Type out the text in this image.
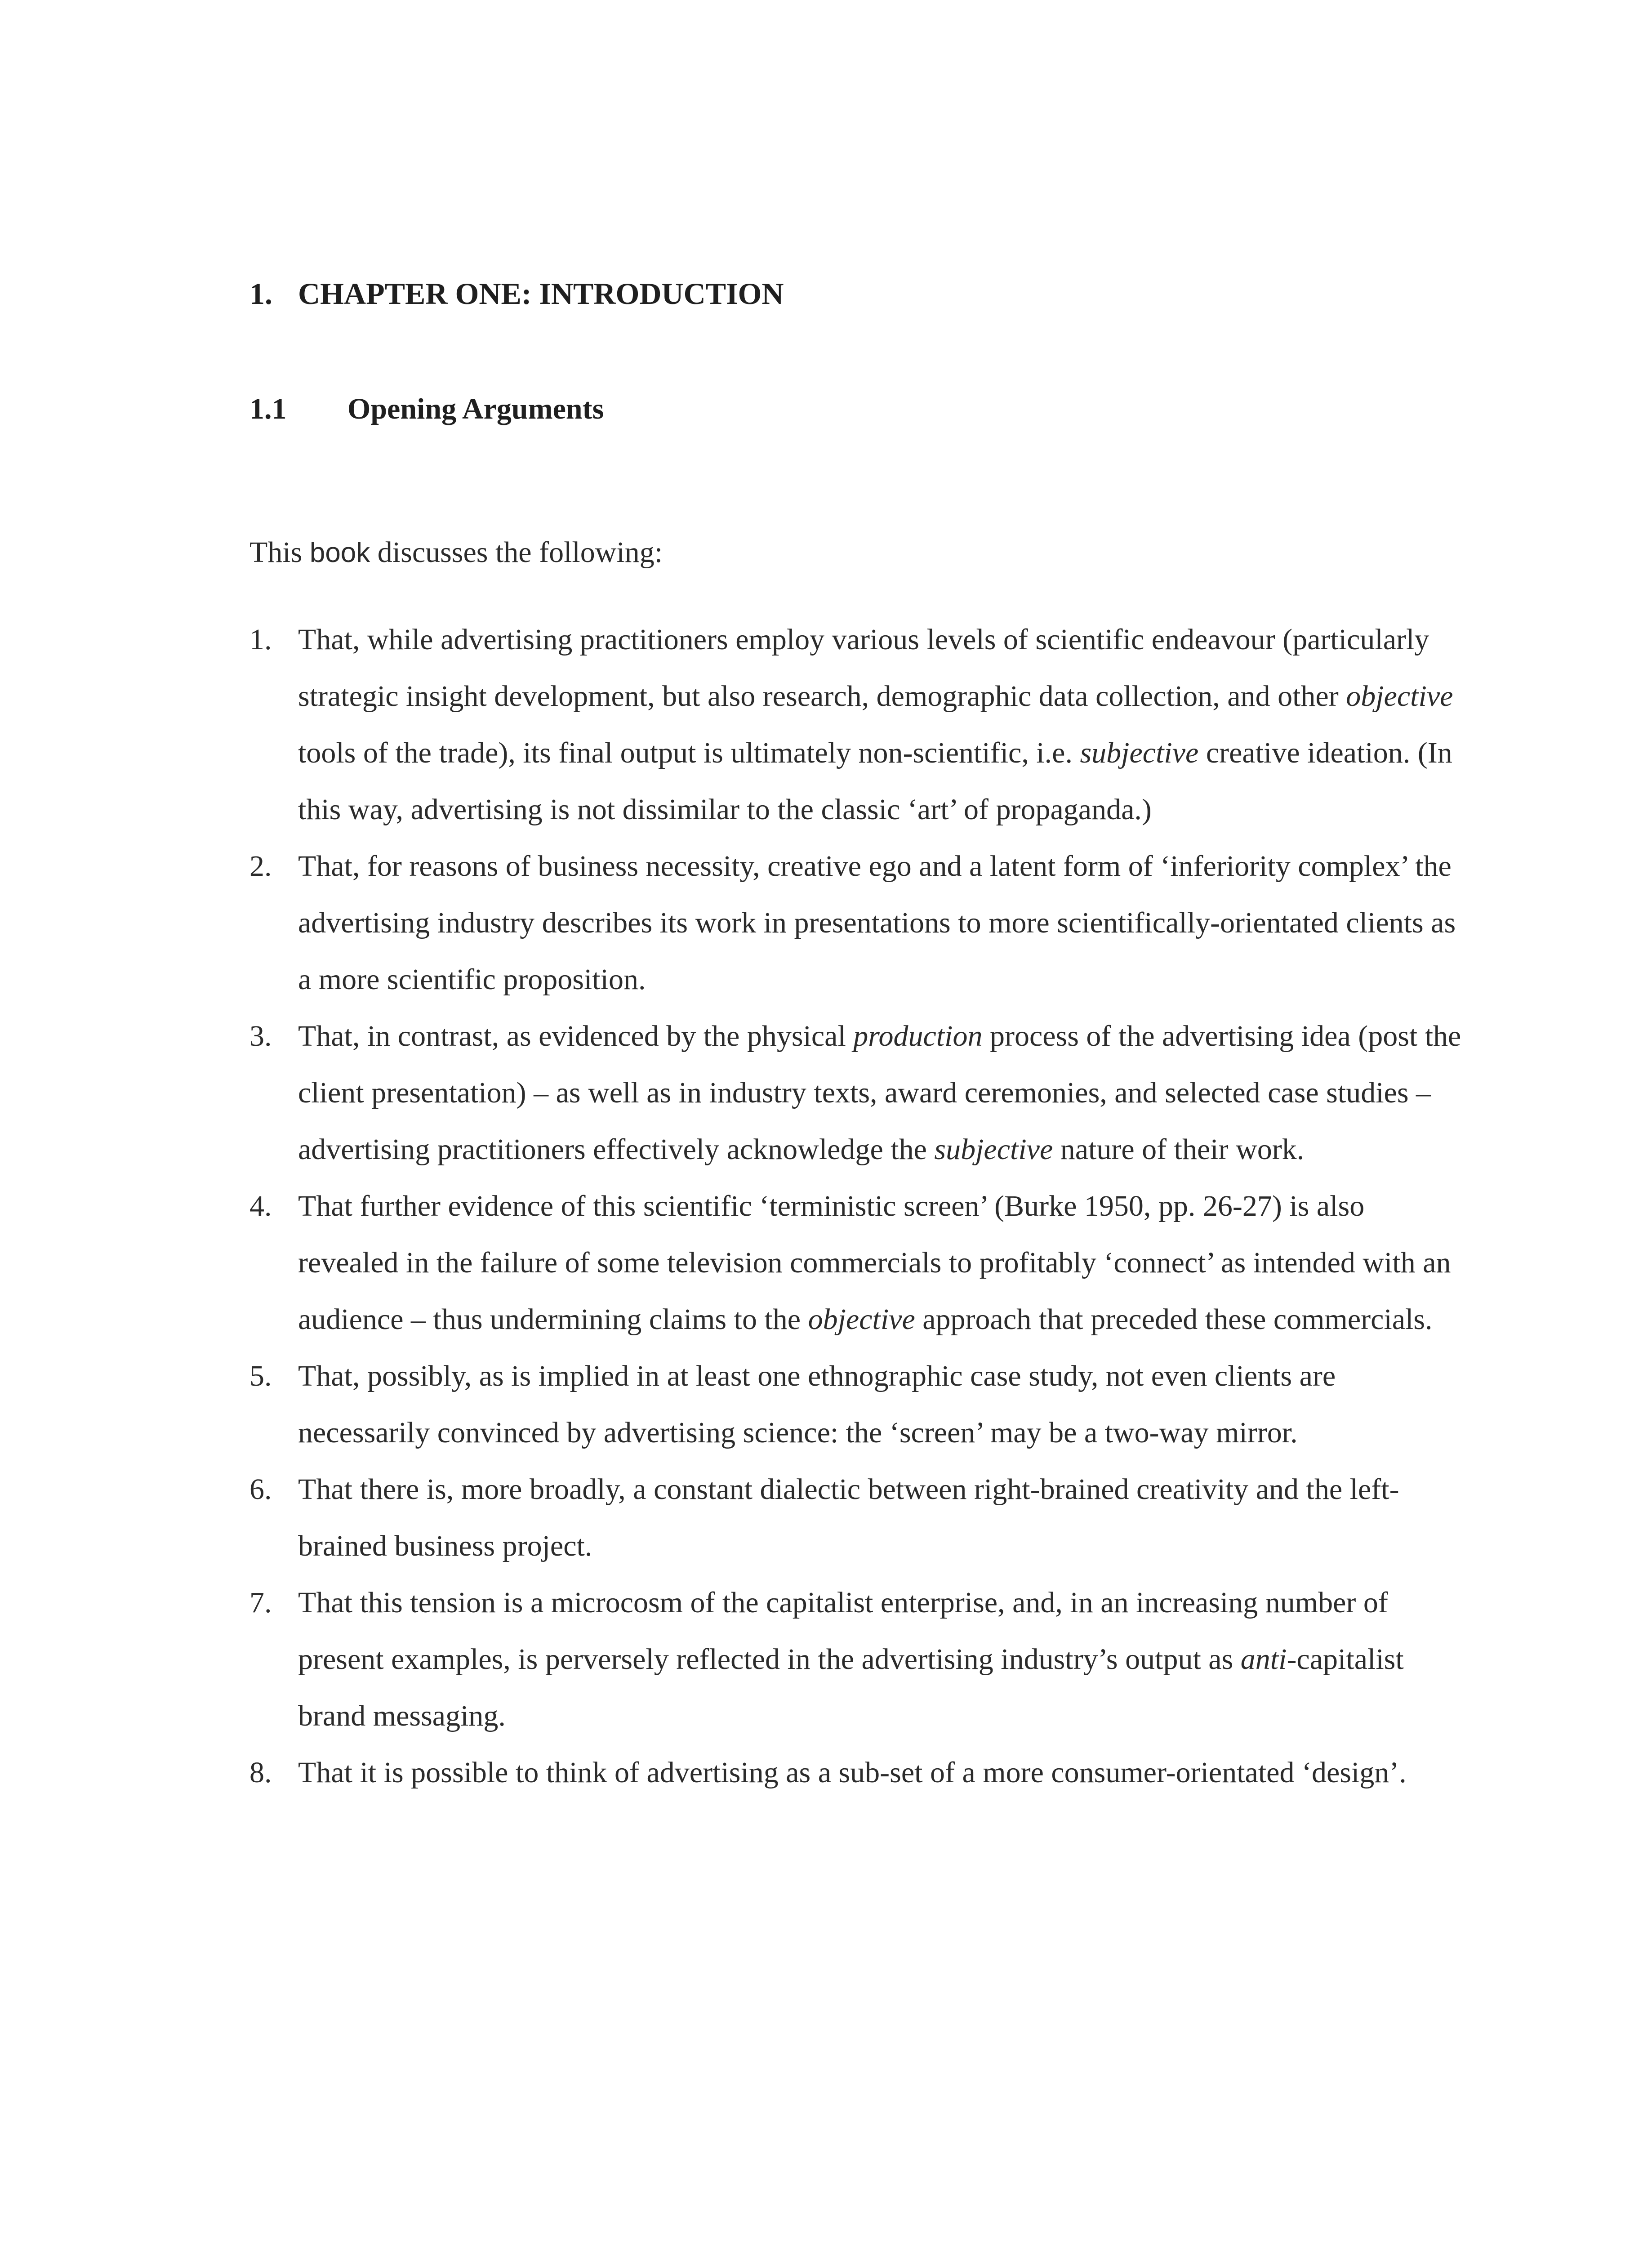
1. CHAPTER ONE: INTRODUCTION
1.1 Opening Arguments

This book discusses the following:

1. That, while advertising practitioners employ various levels of scientific endeavour (particularly strategic insight development, but also research, demographic data collection, and other objective tools of the trade), its final output is ultimately non-scientific, i.e. subjective creative ideation. (In this way, advertising is not dissimilar to the classic ‘art’ of propaganda.)
2. That, for reasons of business necessity, creative ego and a latent form of ‘inferiority complex’ the advertising industry describes its work in presentations to more scientifically-orientated clients as a more scientific proposition.
3. That, in contrast, as evidenced by the physical production process of the advertising idea (post the client presentation) – as well as in industry texts, award ceremonies, and selected case studies – advertising practitioners effectively acknowledge the subjective nature of their work.
4. That further evidence of this scientific ‘terministic screen’ (Burke 1950, pp. 26-27) is also revealed in the failure of some television commercials to profitably ‘connect’ as intended with an audience – thus undermining claims to the objective approach that preceded these commercials.
5. That, possibly, as is implied in at least one ethnographic case study, not even clients are necessarily convinced by advertising science: the ‘screen’ may be a two-way mirror.
6. That there is, more broadly, a constant dialectic between right-brained creativity and the left-brained business project.
7. That this tension is a microcosm of the capitalist enterprise, and, in an increasing number of present examples, is perversely reflected in the advertising industry’s output as anti-capitalist brand messaging.
8. That it is possible to think of advertising as a sub-set of a more consumer-orientated ‘design’.
